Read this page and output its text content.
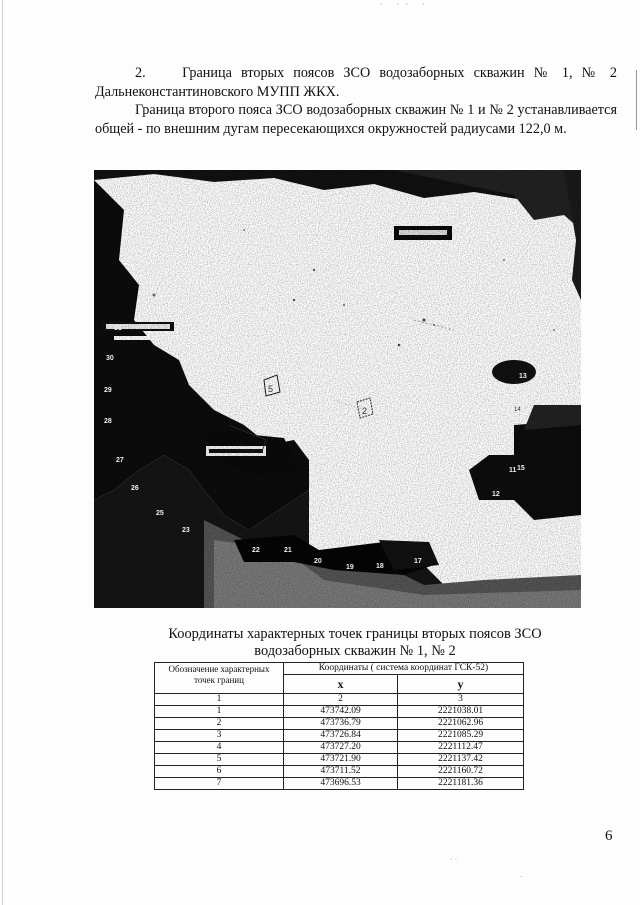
· ·· ·
2.    Граница вторых поясов ЗСО водозаборных скважин № 1, № 2 Дальнеконстантиновского МУПП ЖКХ.
Граница второго пояса ЗСО водозаборных скважин № 1 и № 2 устанавливается общей - по внешним дугам пересекающихся окружностей радиусами 122,0 м.
11
12
13
15
17
18
19
20
21
22
23
25
26
27
28
29
30
31
5
2	14
Координаты характерных точек границы вторых поясов ЗСО водозаборных скважин № 1, № 2
Обозначение характерных точек границ	Координаты ( система координат ГСК-52)	
	x	у
1	2	3
1	473742.09	2221038.01
2	473736.79	2221062.96
3	473726.84	2221085.29
4	473727.20	2221112.47
5	473721.90	2221137.42
6	473711.52	2221160.72
7	473696.53	2221181.36
6
· ·
.
